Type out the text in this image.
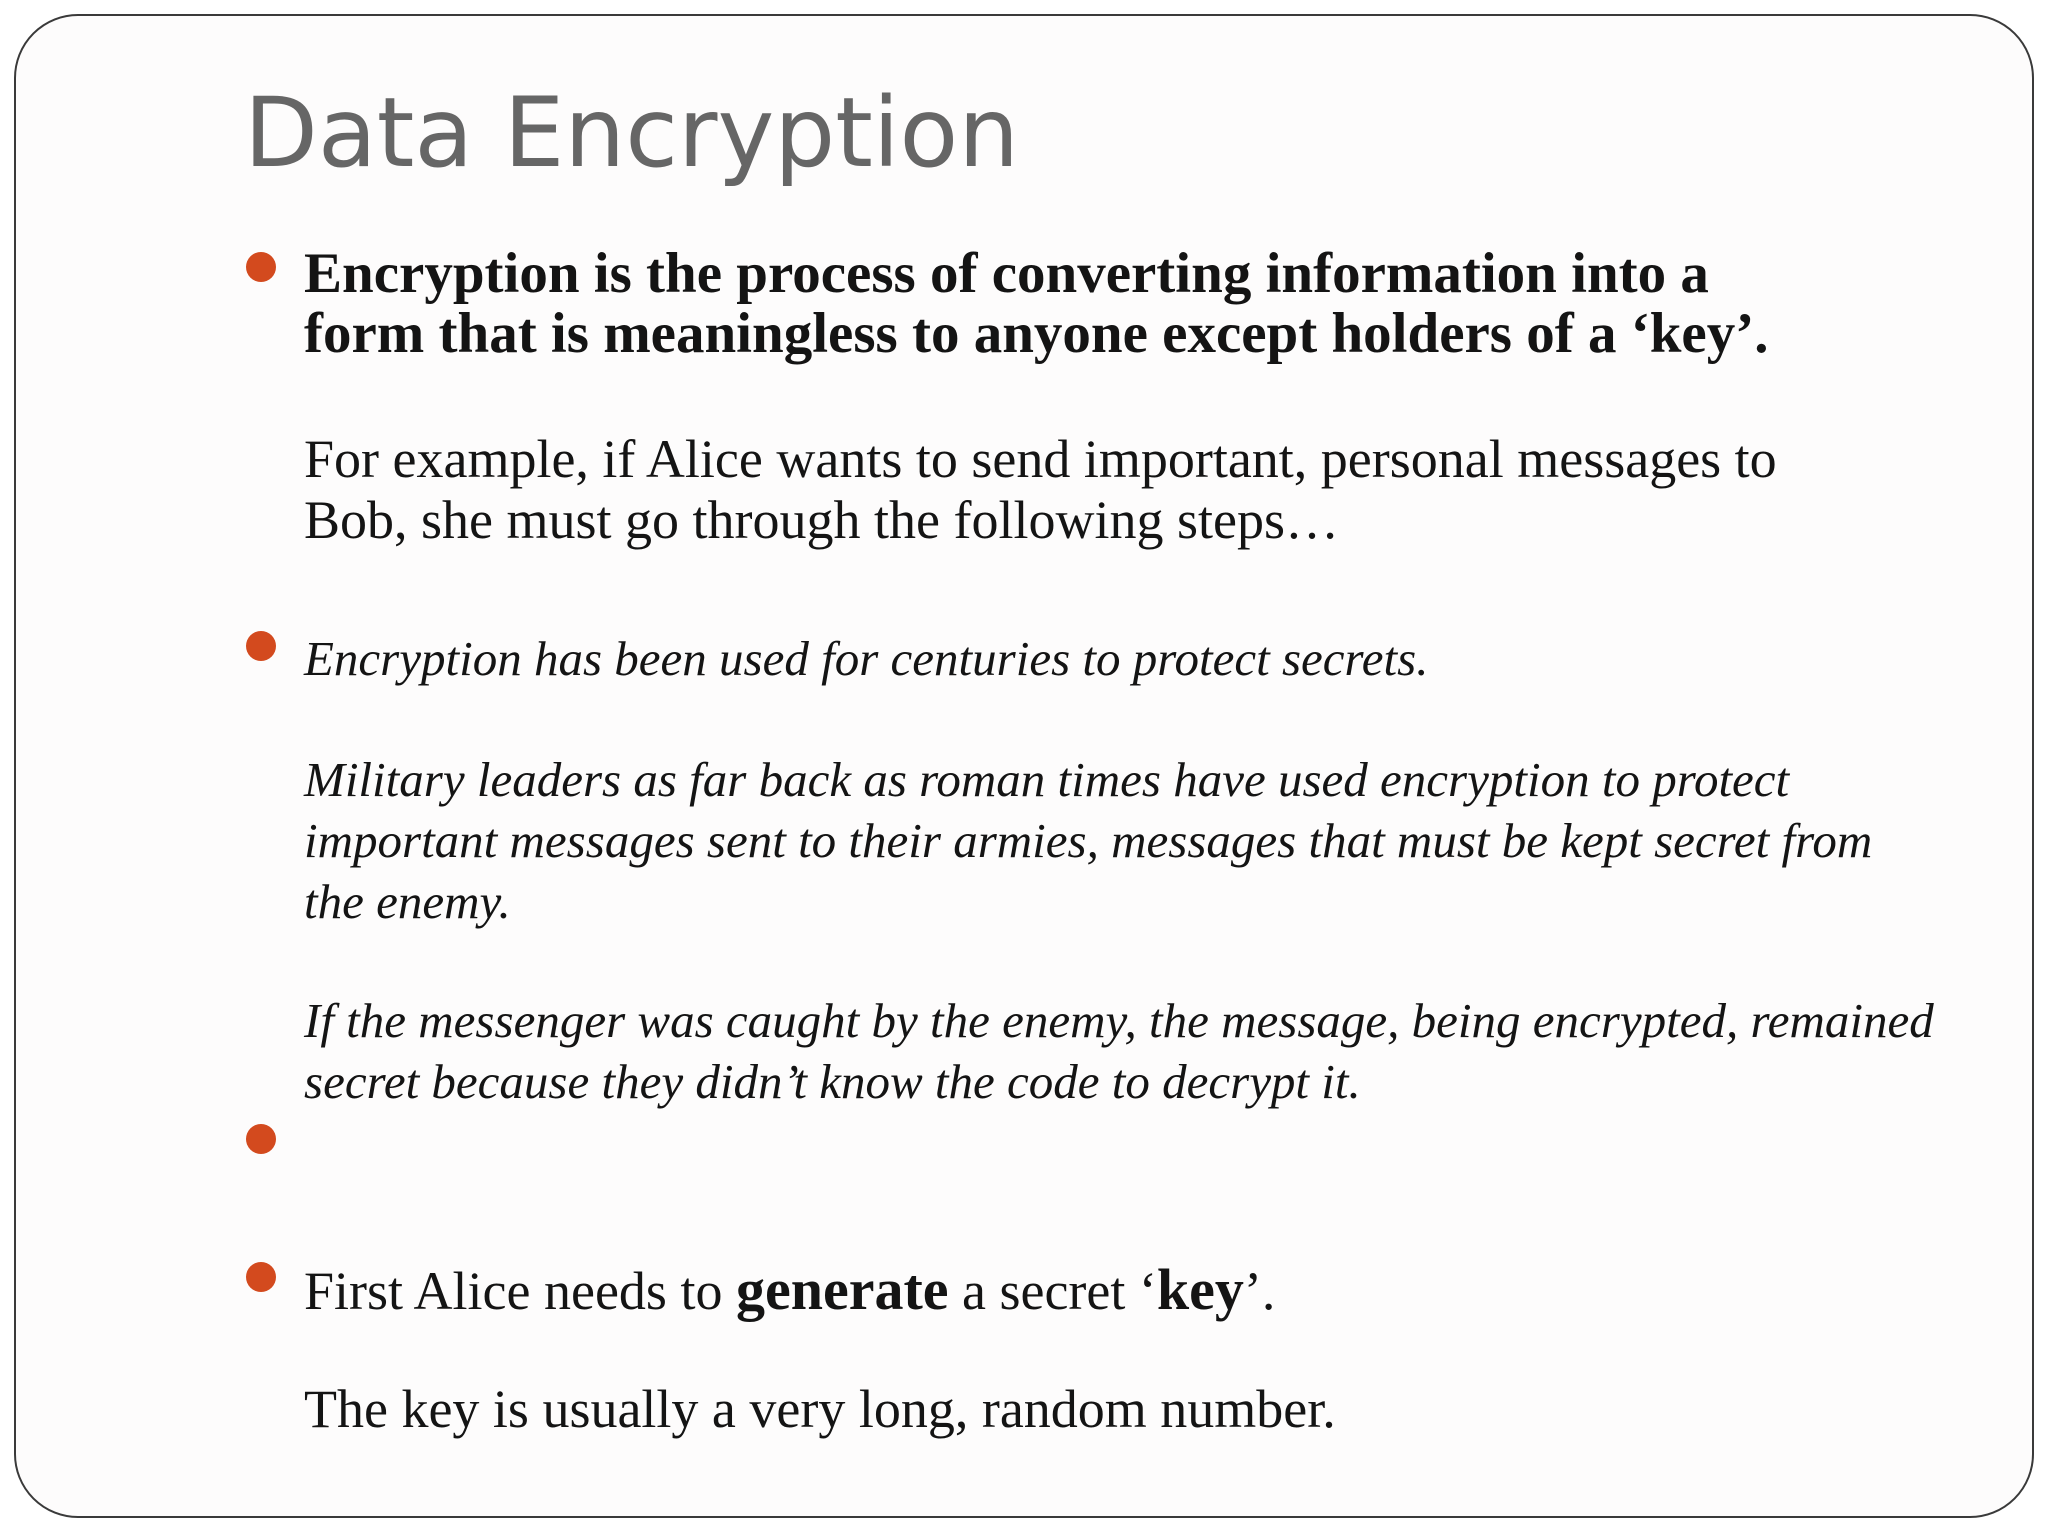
Data Encryption

Encryption is the process of converting information into a
form that is meaningless to anyone except holders of a ‘key’.

For example, if Alice wants to send important, personal messages to
Bob, she must go through the following steps…

Encryption has been used for centuries to protect secrets.

Military leaders as far back as roman times have used encryption to protect
important messages sent to their armies, messages that must be kept secret from
the enemy.

If the messenger was caught by the enemy, the message, being encrypted, remained
secret because they didn’t know the code to decrypt it.

First Alice needs to generate a secret ‘key’.

The key is usually a very long, random number.
